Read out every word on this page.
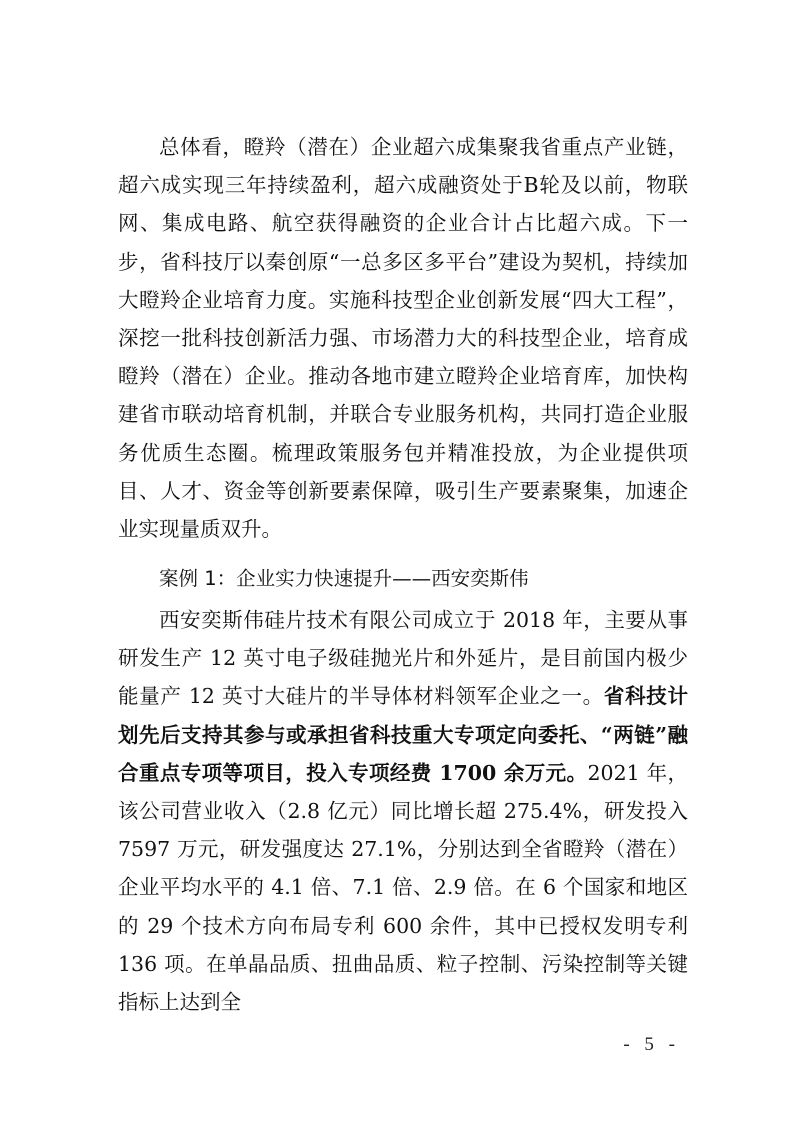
总体看，瞪羚（潜在）企业超六成集聚我省重点产业链，超六成实现三年持续盈利，超六成融资处于B轮及以前，物联网、集成电路、航空获得融资的企业合计占比超六成。下一步，省科技厅以秦创原“一总多区多平台”建设为契机，持续加大瞪羚企业培育力度。实施科技型企业创新发展“四大工程”，深挖一批科技创新活力强、市场潜力大的科技型企业，培育成瞪羚（潜在）企业。推动各地市建立瞪羚企业培育库，加快构建省市联动培育机制，并联合专业服务机构，共同打造企业服务优质生态圈。梳理政策服务包并精准投放，为企业提供项目、人才、资金等创新要素保障，吸引生产要素聚集，加速企业实现量质双升。

案例 1：企业实力快速提升——西安奕斯伟

西安奕斯伟硅片技术有限公司成立于 2018 年，主要从事研发生产 12 英寸电子级硅抛光片和外延片，是目前国内极少能量产 12 英寸大硅片的半导体材料领军企业之一。省科技计划先后支持其参与或承担省科技重大专项定向委托、“两链”融合重点专项等项目，投入专项经费 1700 余万元。2021 年，该公司营业收入（2.8 亿元）同比增长超 275.4%，研发投入 7597 万元，研发强度达 27.1%，分别达到全省瞪羚（潜在）企业平均水平的 4.1 倍、7.1 倍、2.9 倍。在 6 个国家和地区的 29 个技术方向布局专利 600 余件，其中已授权发明专利 136 项。在单晶品质、扭曲品质、粒子控制、污染控制等关键指标上达到全

- 5 -
